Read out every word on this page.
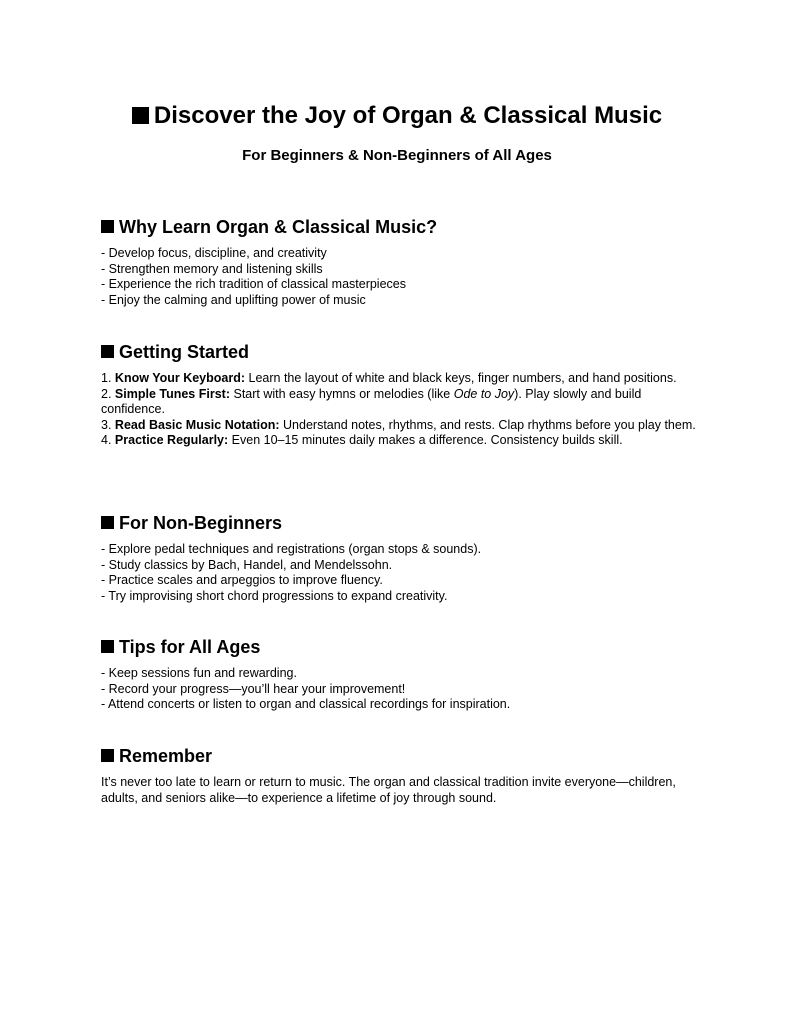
Discover the Joy of Organ & Classical Music
For Beginners & Non-Beginners of All Ages
Why Learn Organ & Classical Music?
- Develop focus, discipline, and creativity
- Strengthen memory and listening skills
- Experience the rich tradition of classical masterpieces
- Enjoy the calming and uplifting power of music
Getting Started
1. Know Your Keyboard: Learn the layout of white and black keys, finger numbers, and hand positions.
2. Simple Tunes First: Start with easy hymns or melodies (like Ode to Joy). Play slowly and build confidence.
3. Read Basic Music Notation: Understand notes, rhythms, and rests. Clap rhythms before you play them.
4. Practice Regularly: Even 10–15 minutes daily makes a difference. Consistency builds skill.
For Non-Beginners
- Explore pedal techniques and registrations (organ stops & sounds).
- Study classics by Bach, Handel, and Mendelssohn.
- Practice scales and arpeggios to improve fluency.
- Try improvising short chord progressions to expand creativity.
Tips for All Ages
- Keep sessions fun and rewarding.
- Record your progress—you’ll hear your improvement!
- Attend concerts or listen to organ and classical recordings for inspiration.
Remember
It’s never too late to learn or return to music. The organ and classical tradition invite everyone—children, adults, and seniors alike—to experience a lifetime of joy through sound.
